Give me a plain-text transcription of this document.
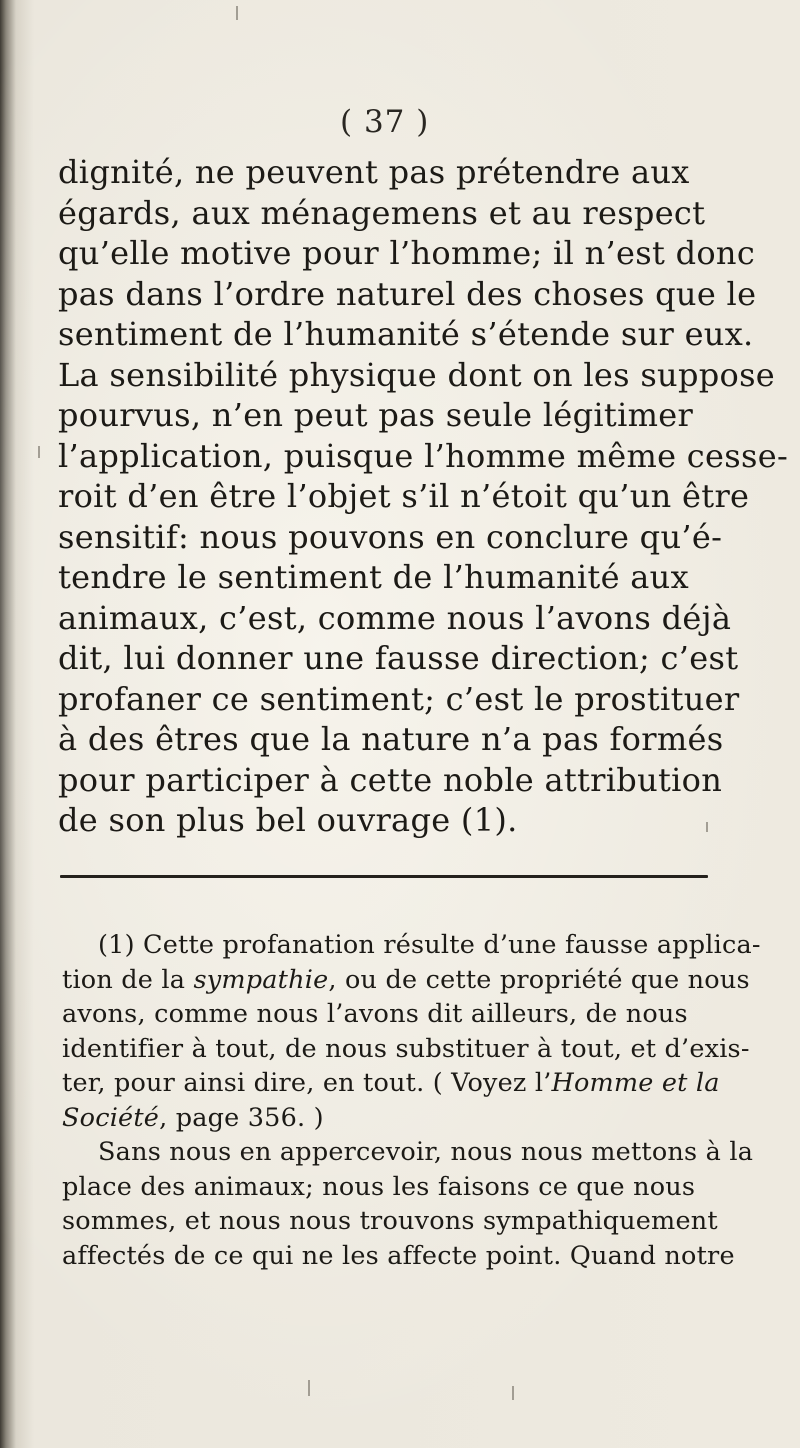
( 37 )
dignité, ne peuvent pas prétendre aux
égards, aux ménagemens et au respect
qu’elle motive pour l’homme; il n’est donc
pas dans l’ordre naturel des choses que le
sentiment de l’humanité s’étende sur eux.
La sensibilité physique dont on les suppose
pourvus, n’en peut pas seule légitimer
l’application, puisque l’homme même cesse-
roit d’en être l’objet s’il n’étoit qu’un être
sensitif: nous pouvons en conclure qu’é-
tendre le sentiment de l’humanité aux
animaux, c’est, comme nous l’avons déjà
dit, lui donner une fausse direction; c’est
profaner ce sentiment; c’est le prostituer
à des êtres que la nature n’a pas formés
pour participer à cette noble attribution
de son plus bel ouvrage (1).
(1) Cette profanation résulte d’une fausse applica-
tion de la sympathie, ou de cette propriété que nous
avons, comme nous l’avons dit ailleurs, de nous
identifier à tout, de nous substituer à tout, et d’exis-
ter, pour ainsi dire, en tout. ( Voyez l’Homme et la
Société, page 356. )
Sans nous en appercevoir, nous nous mettons à la
place des animaux; nous les faisons ce que nous
sommes, et nous nous trouvons sympathiquement
affectés de ce qui ne les affecte point. Quand notre
